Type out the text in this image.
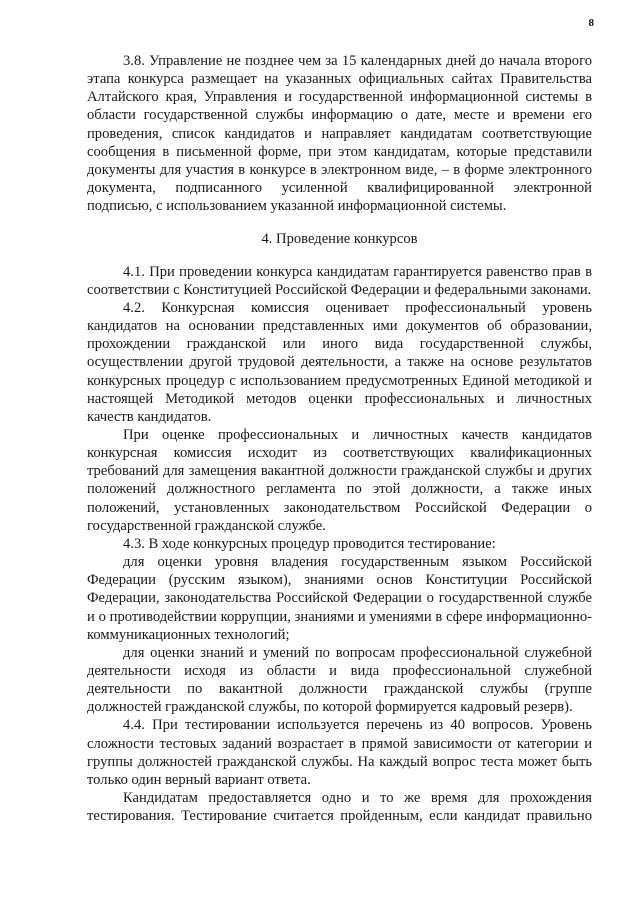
8

3.8. Управление не позднее чем за 15 календарных дней до начала второго этапа конкурса размещает на указанных официальных сайтах Правительства Алтайского края, Управления и государственной информационной системы в области государственной службы информацию о дате, месте и времени его проведения, список кандидатов и направляет кандидатам соответствующие сообщения в письменной форме, при этом кандидатам, которые представили документы для участия в конкурсе в электронном виде, – в форме электронного документа, подписанного усиленной квалифицированной электронной подписью, с использованием указанной информационной системы.

4. Проведение конкурсов

4.1. При проведении конкурса кандидатам гарантируется равенство прав в соответствии с Конституцией Российской Федерации и федеральными законами.

4.2. Конкурсная комиссия оценивает профессиональный уровень кандидатов на основании представленных ими документов об образовании, прохождении гражданской или иного вида государственной службы, осуществлении другой трудовой деятельности, а также на основе результатов конкурсных процедур с использованием предусмотренных Единой методикой и настоящей Методикой методов оценки профессиональных и личностных качеств кандидатов.

При оценке профессиональных и личностных качеств кандидатов конкурсная комиссия исходит из соответствующих квалификационных требований для замещения вакантной должности гражданской службы и других положений должностного регламента по этой должности, а также иных положений, установленных законодательством Российской Федерации о государственной гражданской службе.

4.3. В ходе конкурсных процедур проводится тестирование:

для оценки уровня владения государственным языком Российской Федерации (русским языком), знаниями основ Конституции Российской Федерации, законодательства Российской Федерации о государственной службе и о противодействии коррупции, знаниями и умениями в сфере информационно-коммуникационных технологий;

для оценки знаний и умений по вопросам профессиональной служебной деятельности исходя из области и вида профессиональной служебной деятельности по вакантной должности гражданской службы (группе должностей гражданской службы, по которой формируется кадровый резерв).

4.4. При тестировании используется перечень из 40 вопросов. Уровень сложности тестовых заданий возрастает в прямой зависимости от категории и группы должностей гражданской службы. На каждый вопрос теста может быть только один верный вариант ответа.

Кандидатам предоставляется одно и то же время для прохождения тестирования. Тестирование считается пройденным, если кандидат правильно
